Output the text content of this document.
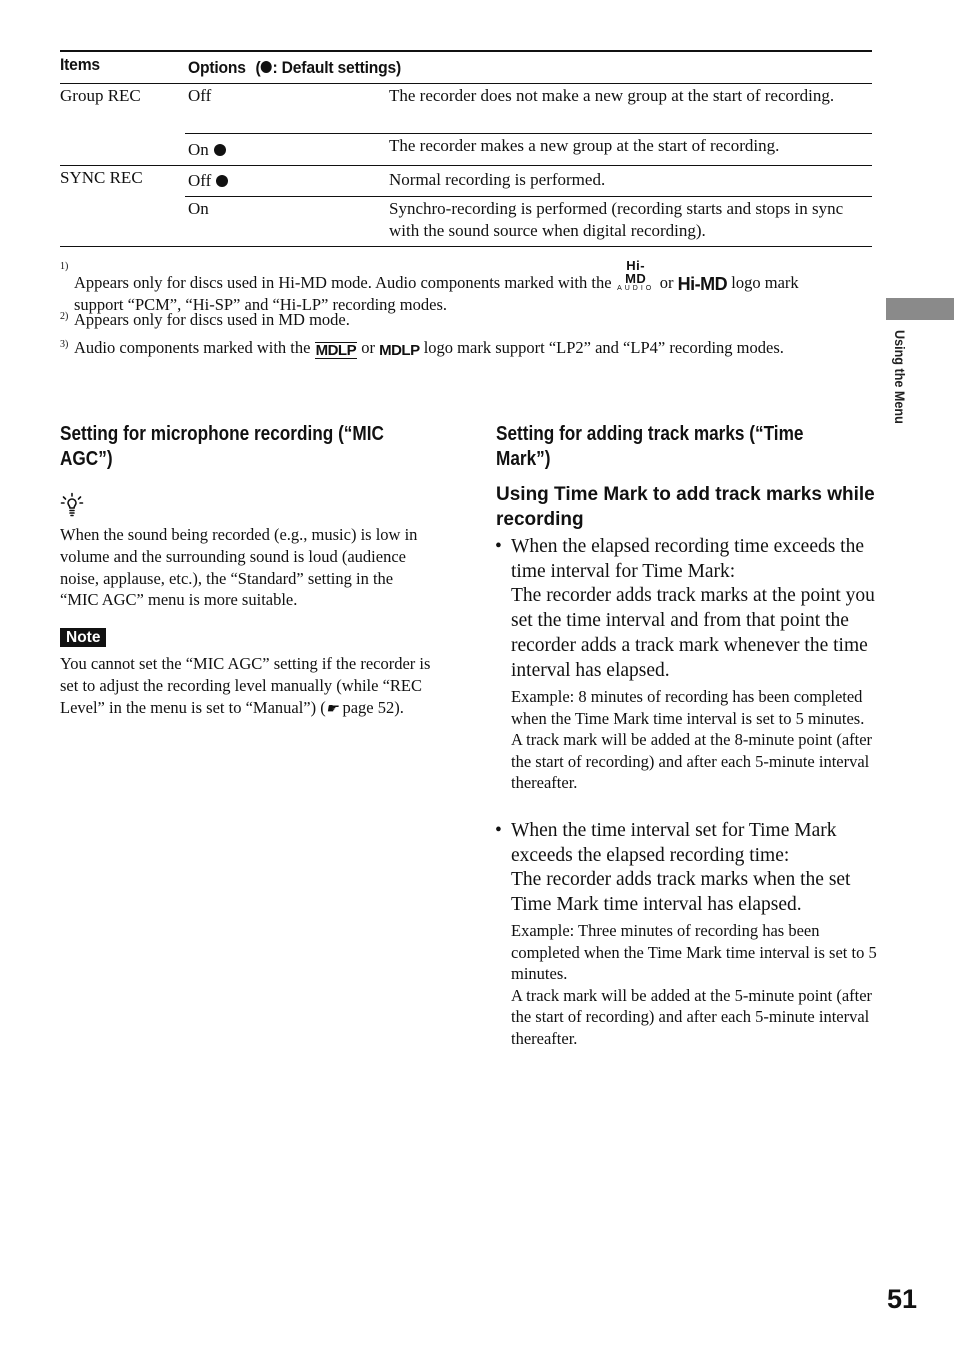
Items	Options ( : Default settings)
Group REC	Off	The recorder does not make a new group at the start of recording.
On	The recorder makes a new group at the start of recording.
SYNC REC	Off	Normal recording is performed.
On	Synchro-recording is performed (recording starts and stops in sync with the sound source when digital recording).
$^{1)}$
Appears only for discs used in Hi-MD mode. Audio components marked with the
Hi-MD
AUDIO or Hi-MD logo mark
support “PCM”, “Hi-SP” and “Hi-LP” recording modes.
$^{2)}$ Appears only for discs used in MD mode.
$^{3)}$ Audio components marked with the MDLP or MDLP logo mark support “LP2” and “LP4” recording modes.	Using the Menu
Setting for microphone recording (“MIC AGC”)
When the sound being recorded (e.g., music) is low in volume and the surrounding sound is loud (audience noise, applause, etc.), the “Standard” setting in the “MIC AGC” menu is more suitable.
Note
You cannot set the “MIC AGC” setting if the recorder is set to adjust the recording level manually (while “REC Level” in the menu is set to “Manual”) (☛ page 52).
Setting for adding track marks (“Time Mark”)
Using Time Mark to add track marks while recording
• When the elapsed recording time exceeds the time interval for Time Mark:
The recorder adds track marks at the point you set the time interval and from that point the recorder adds a track mark whenever the time interval has elapsed.
Example: 8 minutes of recording has been completed when the Time Mark time interval is set to 5 minutes.
A track mark will be added at the 8-minute point (after the start of recording) and after each 5-minute interval thereafter.
• When the time interval set for Time Mark exceeds the elapsed recording time:
The recorder adds track marks when the set Time Mark time interval has elapsed.
Example: Three minutes of recording has been completed when the Time Mark time interval is set to 5 minutes.
A track mark will be added at the 5-minute point (after the start of recording) and after each 5-minute interval thereafter.
51
